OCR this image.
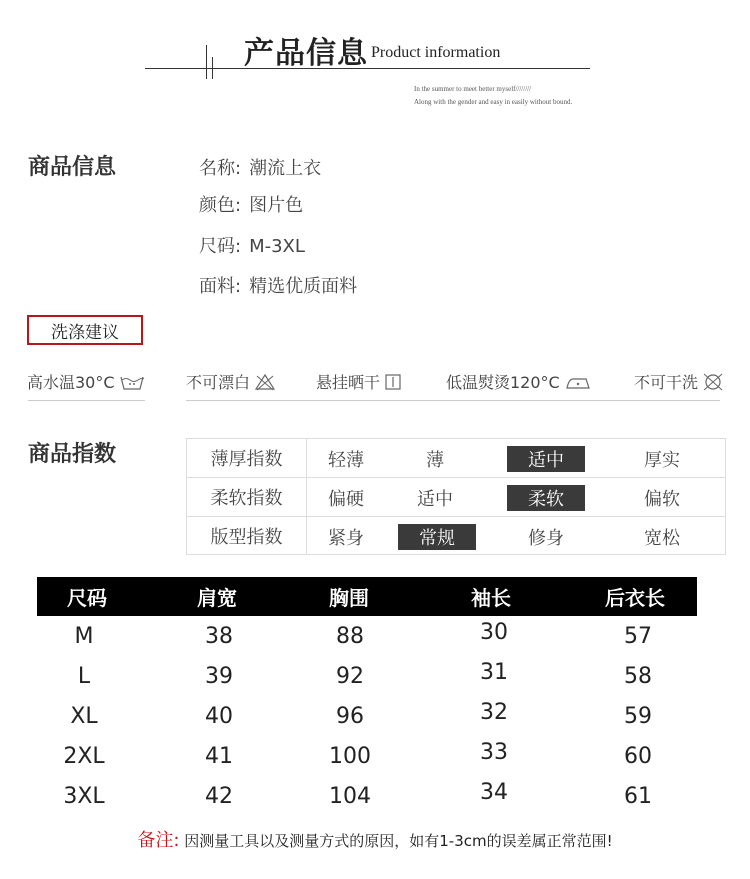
产品信息 Product information
In the summer to meet better myself////////
Along with the gender and easy in easily without bound.
商品信息	名称: 潮流上衣
颜色: 图片色
尺码: M-3XL
面料: 精选优质面料
洗涤建议
高水温30°C	不可漂白	悬挂晒干	低温熨烫120°C	不可干洗
商品指数	薄厚指数	轻薄	薄	适中	厚实
柔软指数	偏硬	适中	柔软	偏软
版型指数	紧身	常规	修身	宽松
尺码	肩宽	胸围	袖长	后衣长
M	38	88	30	57
L	39	92	31	58
XL	40	96	32	59
2XL	41	100	33	60
3XL	42	104	34	61
备注: 因测量工具以及测量方式的原因，如有1-3cm的误差属正常范围!
